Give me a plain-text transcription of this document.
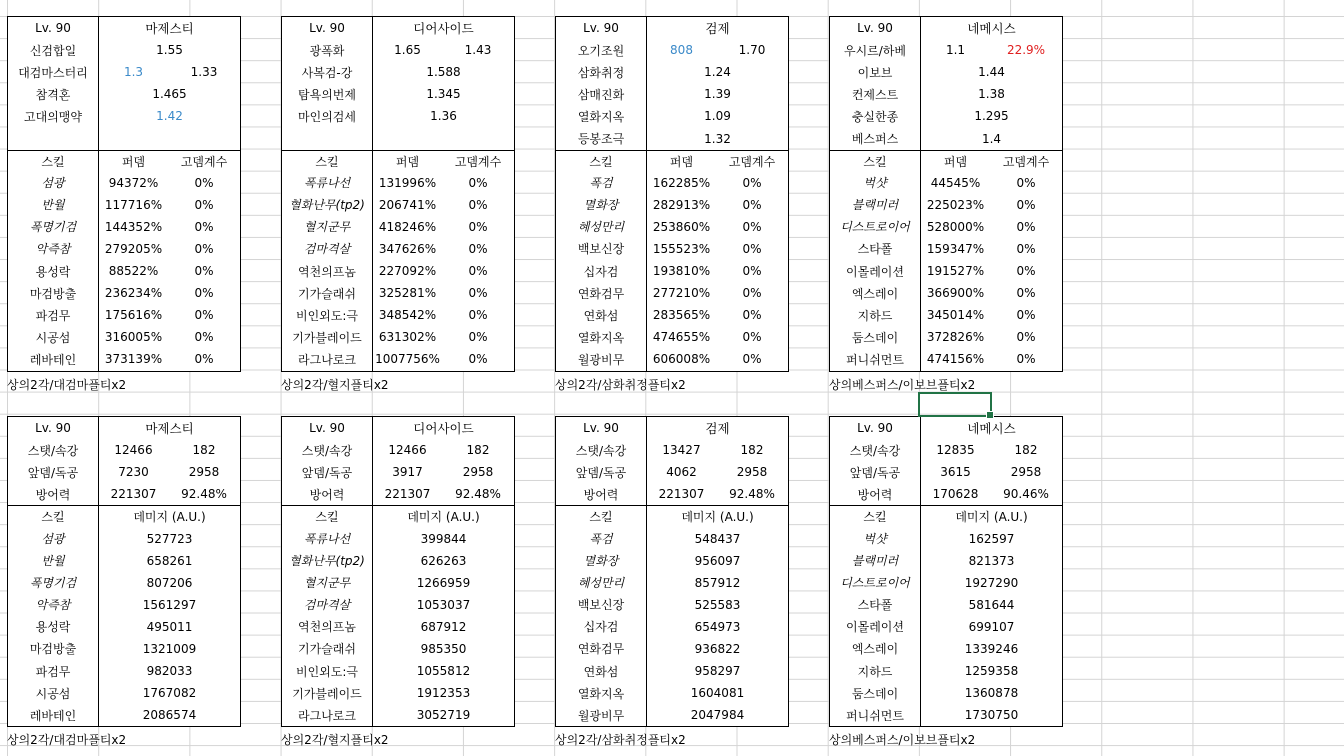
Lv. 90	마제스티
신검합일	1.55
대검마스터리	1.3	1.33
참격혼	1.465
고대의맹약	1.42
스킬	퍼뎀	고뎀계수
섬광	94372%	0%
반월	117716%	0%
폭명기검	144352%	0%
악즉참	279205%	0%
용성락	88522%	0%
마검방출	236234%	0%
파검무	175616%	0%
시공섬	316005%	0%
레바테인	373139%	0%
상의2각/대검마플티x2
Lv. 90	마제스티
스탯/속강	12466	182
앞뎀/독공	7230	2958
방어력	221307	92.48%
스킬	데미지 (A.U.)
섬광	527723
반월	658261
폭명기검	807206
악즉참	1561297
용성락	495011
마검방출	1321009
파검무	982033
시공섬	1767082
레바테인	2086574
상의2각/대검마플티x2
Lv. 90	디어사이드
광폭화	1.65	1.43
사복검-강	1.588
탐욕의번제	1.345
마인의검세	1.36
스킬	퍼뎀	고뎀계수
폭류나선	131996%	0%
혈화난무(tp2)	206741%	0%
혈지군무	418246%	0%
검마격살	347626%	0%
역천의프놈	227092%	0%
기가슬래쉬	325281%	0%
비인외도:극	348542%	0%
기가블레이드	631302%	0%
라그나로크	1007756%	0%
상의2각/혈지플티x2
Lv. 90	디어사이드
스탯/속강	12466	182
앞뎀/독공	3917	2958
방어력	221307	92.48%
스킬	데미지 (A.U.)
폭류나선	399844
혈화난무(tp2)	626263
혈지군무	1266959
검마격살	1053037
역천의프놈	687912
기가슬래쉬	985350
비인외도:극	1055812
기가블레이드	1912353
라그나로크	3052719
상의2각/혈지플티x2
Lv. 90	검제
오기조원	808	1.70
삼화취정	1.24
삼매진화	1.39
열화지옥	1.09
등봉조극	1.32
스킬	퍼뎀	고뎀계수
폭검	162285%	0%
멸화장	282913%	0%
혜성만리	253860%	0%
백보신장	155523%	0%
십자검	193810%	0%
연화검무	277210%	0%
연화섬	283565%	0%
열화지옥	474655%	0%
월광비무	606008%	0%
상의2각/삼화취정플티x2
Lv. 90	검제
스탯/속강	13427	182
앞뎀/독공	4062	2958
방어력	221307	92.48%
스킬	데미지 (A.U.)
폭검	548437
멸화장	956097
혜성만리	857912
백보신장	525583
십자검	654973
연화검무	936822
연화섬	958297
열화지옥	1604081
월광비무	2047984
상의2각/삼화취정플티x2
Lv. 90	네메시스
우시르/하베	1.1	22.9%
이보브	1.44
컨제스트	1.38
충실한종	1.295
베스퍼스	1.4
스킬	퍼뎀	고뎀계수
벅샷	44545%	0%
블랙미러	225023%	0%
디스트로이어	528000%	0%
스타폴	159347%	0%
이몰레이션	191527%	0%
엑스레이	366900%	0%
지하드	345014%	0%
둠스데이	372826%	0%
퍼니쉬먼트	474156%	0%
상의베스퍼스/이보브플티x2
Lv. 90	네메시스
스탯/속강	12835	182
앞뎀/독공	3615	2958
방어력	170628	90.46%
스킬	데미지 (A.U.)
벅샷	162597
블랙미러	821373
디스트로이어	1927290
스타폴	581644
이몰레이션	699107
엑스레이	1339246
지하드	1259358
둠스데이	1360878
퍼니쉬먼트	1730750
상의베스퍼스/이보브플티x2
